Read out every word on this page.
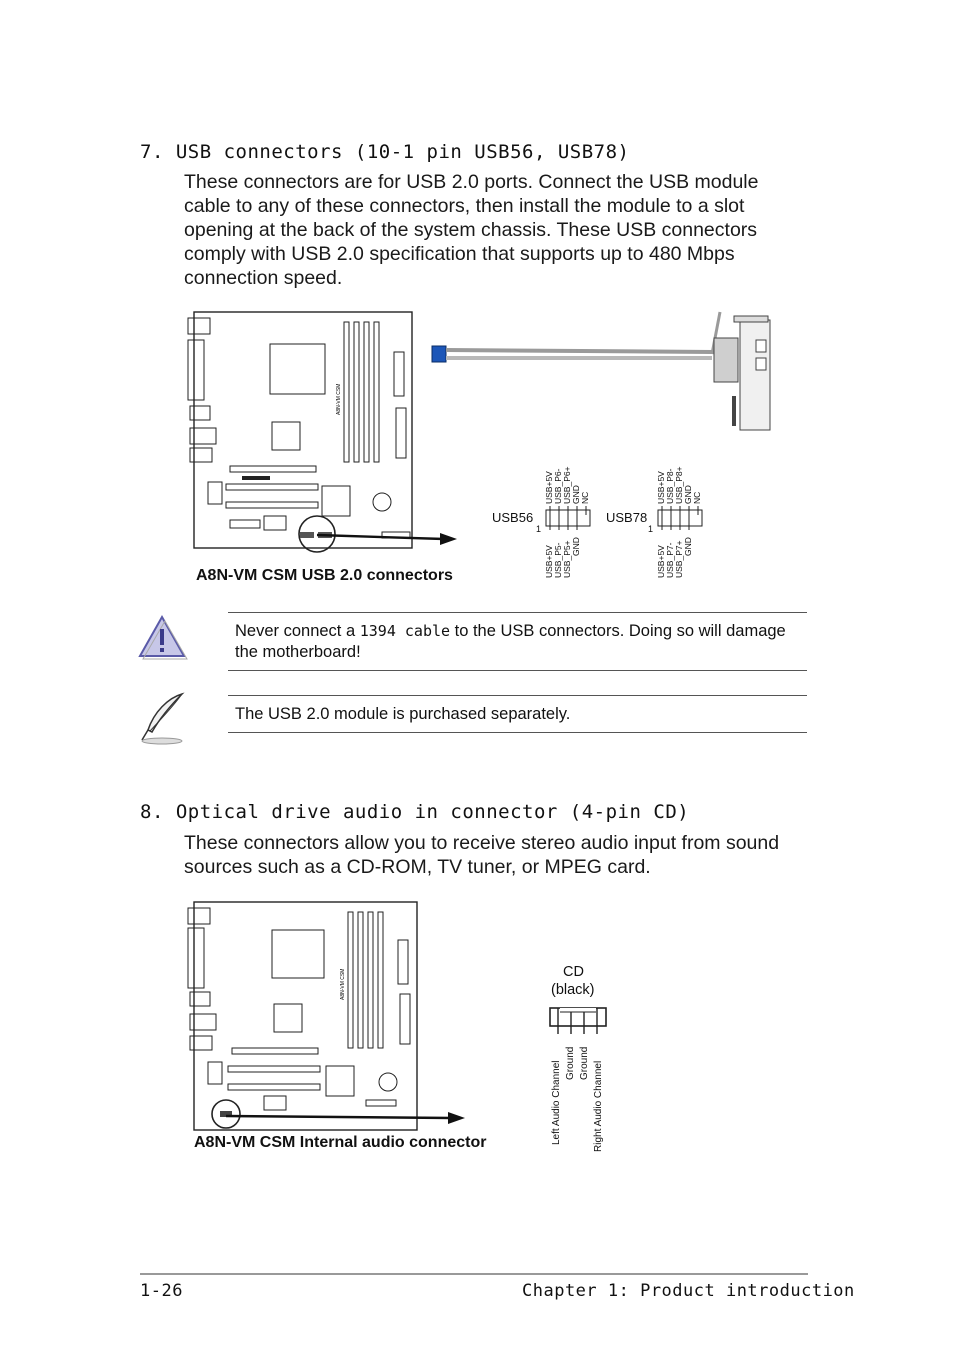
7. USB connectors (10-1 pin USB56, USB78)
These connectors are for USB 2.0 ports. Connect the USB module cable to any of these connectors, then install the module to a slot opening at the back of the system chassis. These USB connectors comply with USB 2.0 specification that supports up to 480 Mbps connection speed.
A8N-VM CSM
USB56
1
USB+5V USB_P6- USB_P6+ GND NC
USB+5V USB_P5- USB_P5+ GND
USB78
1
USB+5V USB_P8- USB_P8+ GND NC
USB+5V USB_P7- USB_P7+ GND
A8N-VM CSM USB 2.0 connectors
Never connect a 1394 cable to the USB connectors. Doing so will damage the motherboard!
The USB 2.0 module is purchased separately.
8. Optical drive audio in connector (4-pin CD)
These connectors allow you to receive stereo audio input from sound sources such as a CD-ROM, TV tuner, or MPEG card.
A8N-VM CSM	CD
(black)
Left Audio Channel Ground Ground Right Audio Channel
A8N-VM CSM Internal audio connector
1-26	Chapter 1: Product introduction
